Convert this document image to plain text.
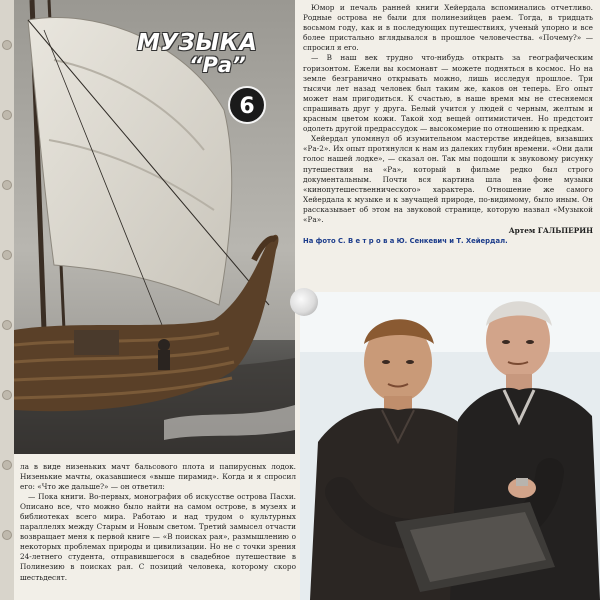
МУЗЫКА
“Ра”
6

Юмор и печаль ранней книги Хейердала вспоминались отчетливо. Родные острова не были для полинезийцев раем. Тогда, в тридцать восьмом году, как и в последующих путешествиях, ученый упорно и все более пристально вглядывался в прошлое человечества. «Почему?» — спросил я его.

— В наш век трудно что-нибудь открыть за географическим горизонтом. Ежели вы космонавт — можете подняться в космос. Но на земле безгранично открывать можно, лишь исследуя прошлое. Три тысячи лет назад человек был таким же, каков он теперь. Его опыт может нам пригодиться. К счастью, в наше время мы не стесняемся спрашивать друг у друга. Белый учится у людей с черным, желтым и красным цветом кожи. Такой ход вещей оптимистичен. Но предстоит одолеть другой предрассудок — высокомерие по отношению к предкам.

Хейердал упомянул об изумительном мастерстве индейцев, вязавших «Ра-2». Их опыт протянулся к нам из далеких глубин времени. «Они дали голос нашей лодке», — сказал он. Так мы подошли к звуковому рисунку путешествия на «Ра», который в фильме редко был строго документальным. Почти вся картина шла на фоне музыки «кинопутешественнического» характера. Отношение же самого Хейердала к музыке и к звучащей природе, по-видимому, было иным. Он рассказывает об этом на звуковой странице, которую назвал «Музыкой «Ра».

Артем ГАЛЬПЕРИН
На фото С. В е т р о в а Ю. Сенкевич и Т. Хейердал.

ла в виде низеньких мачт бальсового плота и папирусных лодок. Низенькие мачты, оказавшиеся «выше пирамид». Когда и я спросил его: «Что же дальше?» — он ответил:

— Пока книги. Во-первых, монография об искусстве острова Пасхи. Описано все, что можно было найти на самом острове, в музеях и библиотеках всего мира. Работаю и над трудом о культурных параллелях между Старым и Новым светом. Третий замысел отчасти возвращает меня к первой книге — «В поисках рая», размышлению о некоторых проблемах природы и цивилизации. Но не с точки зрения 24-летнего студента, отправившегося в свадебное путешествие в Полинезию в поисках рая. С позиций человека, которому скоро шестьдесят.
